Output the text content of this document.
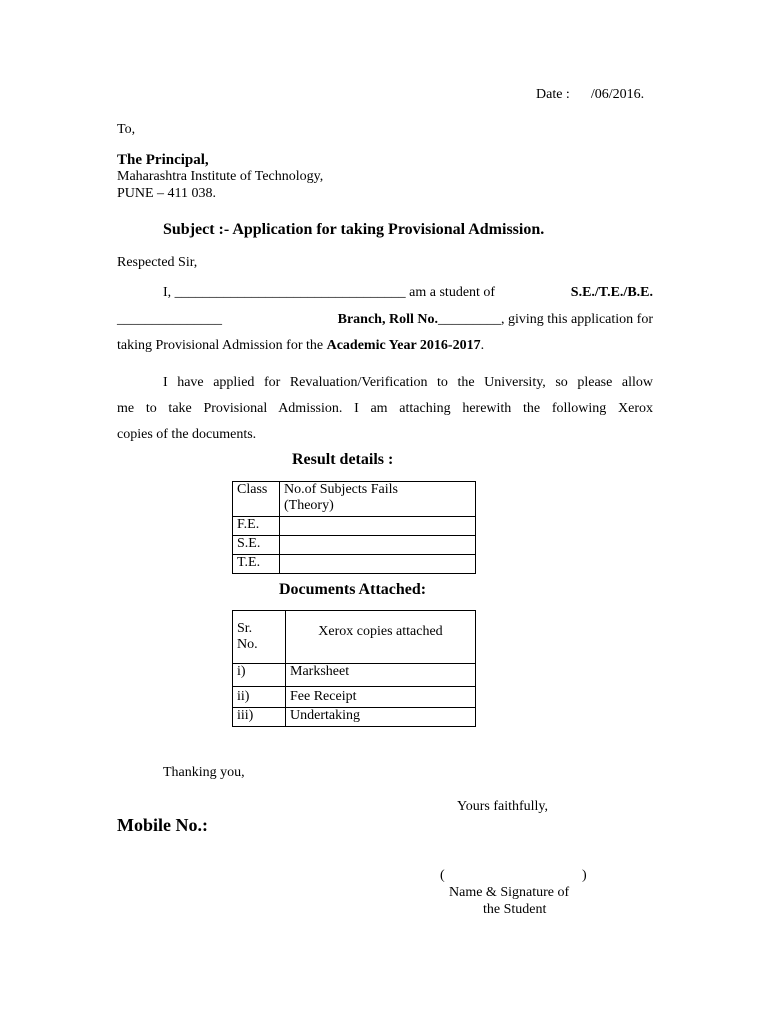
Date : /06/2016.
To,
The Principal,
Maharashtra Institute of Technology,
PUNE – 411 038.
Subject :- Application for taking Provisional Admission.
Respected Sir,
I, _________________________________ am a student of	S.E./T.E./B.E.
_______________	Branch, Roll No._________, giving this application for
taking Provisional Admission for the Academic Year 2016-2017.
I have applied for Revaluation/Verification to the University, so please allow
me to take Provisional Admission. I am attaching herewith the following Xerox
copies of the documents.
Result details :
Class	No.of Subjects Fails
(Theory)

F.E.	
S.E.	
T.E.	
Documents Attached:
Sr.
No.	Xerox copies attached
i)	Marksheet
ii)	Fee Receipt
iii)	Undertaking
Thanking you,
Yours faithfully,
Mobile No.:
(	)
Name & Signature of
the Student
